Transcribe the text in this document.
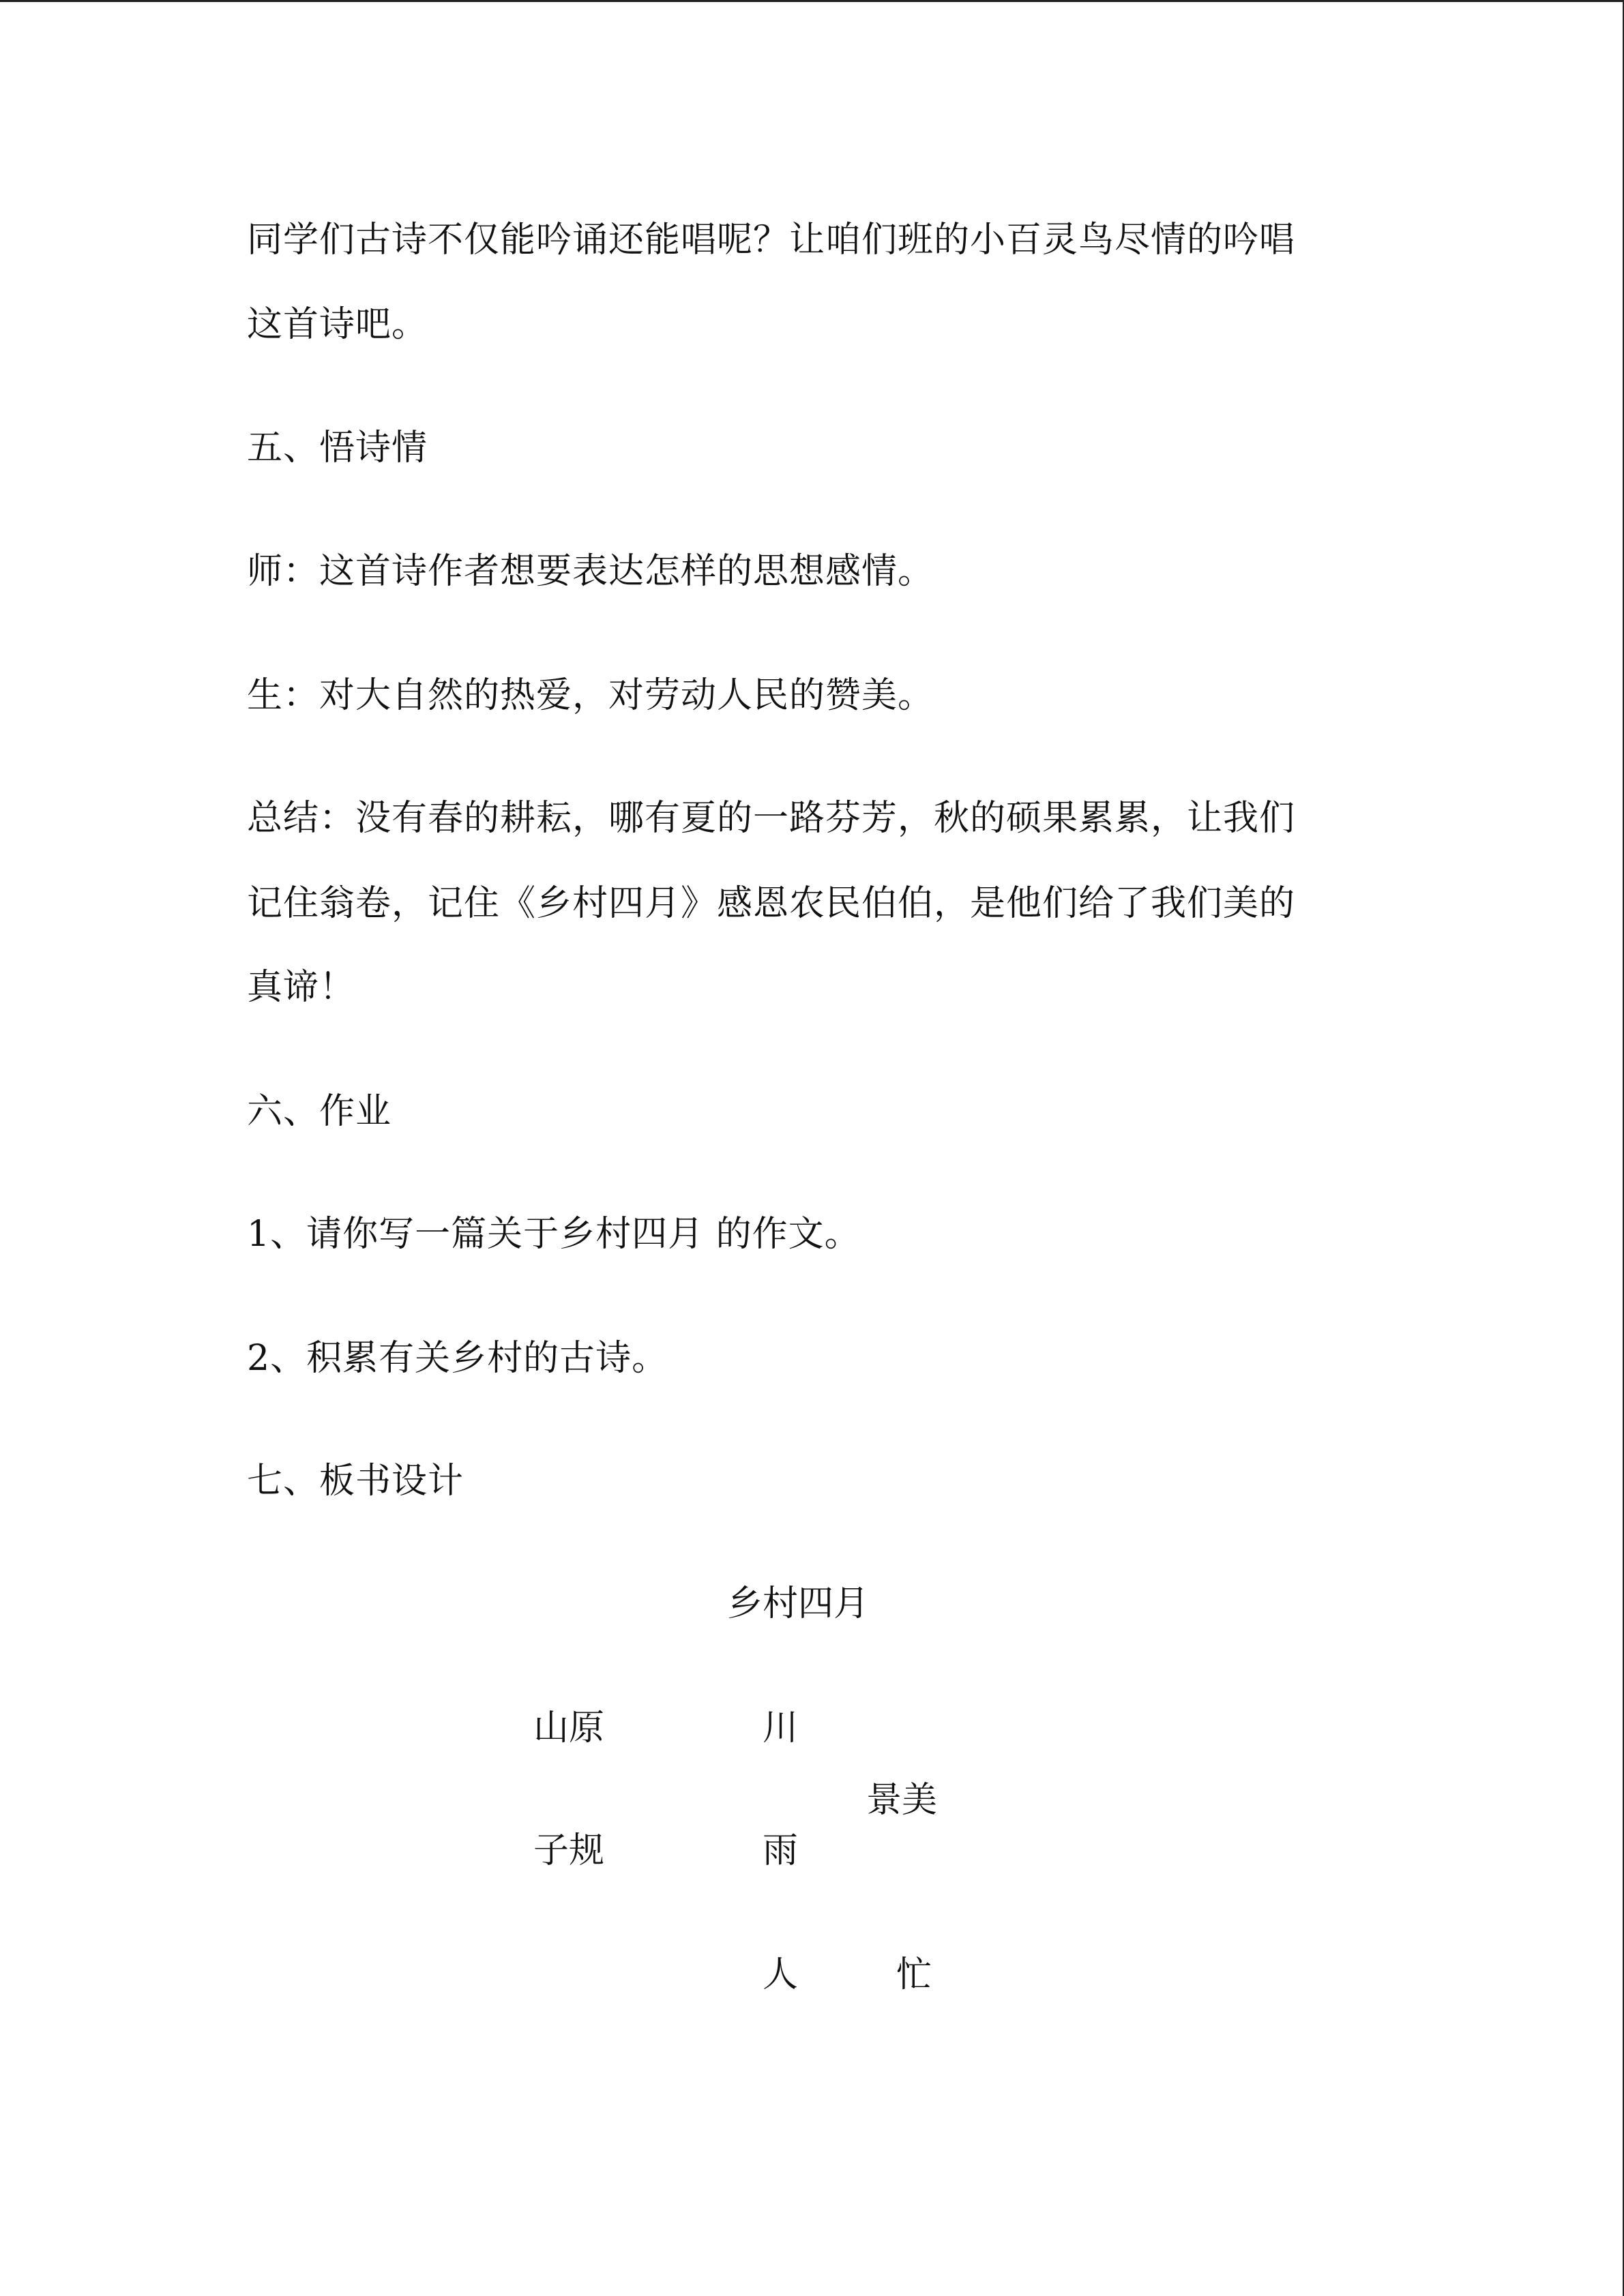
同学们古诗不仅能吟诵还能唱呢？让咱们班的小百灵鸟尽情的吟唱
这首诗吧。
五、悟诗情
师：这首诗作者想要表达怎样的思想感情。
生：对大自然的热爱，对劳动人民的赞美。
总结：没有春的耕耘，哪有夏的一路芬芳，秋的硕果累累，让我们
记住翁卷，记住《乡村四月》感恩农民伯伯，是他们给了我们美的
真谛！
六、作业
1、请你写一篇关于乡村四月 的作文。
2、积累有关乡村的古诗。
七、板书设计
乡村四月
山原	川
景美
子规	雨
人	忙
